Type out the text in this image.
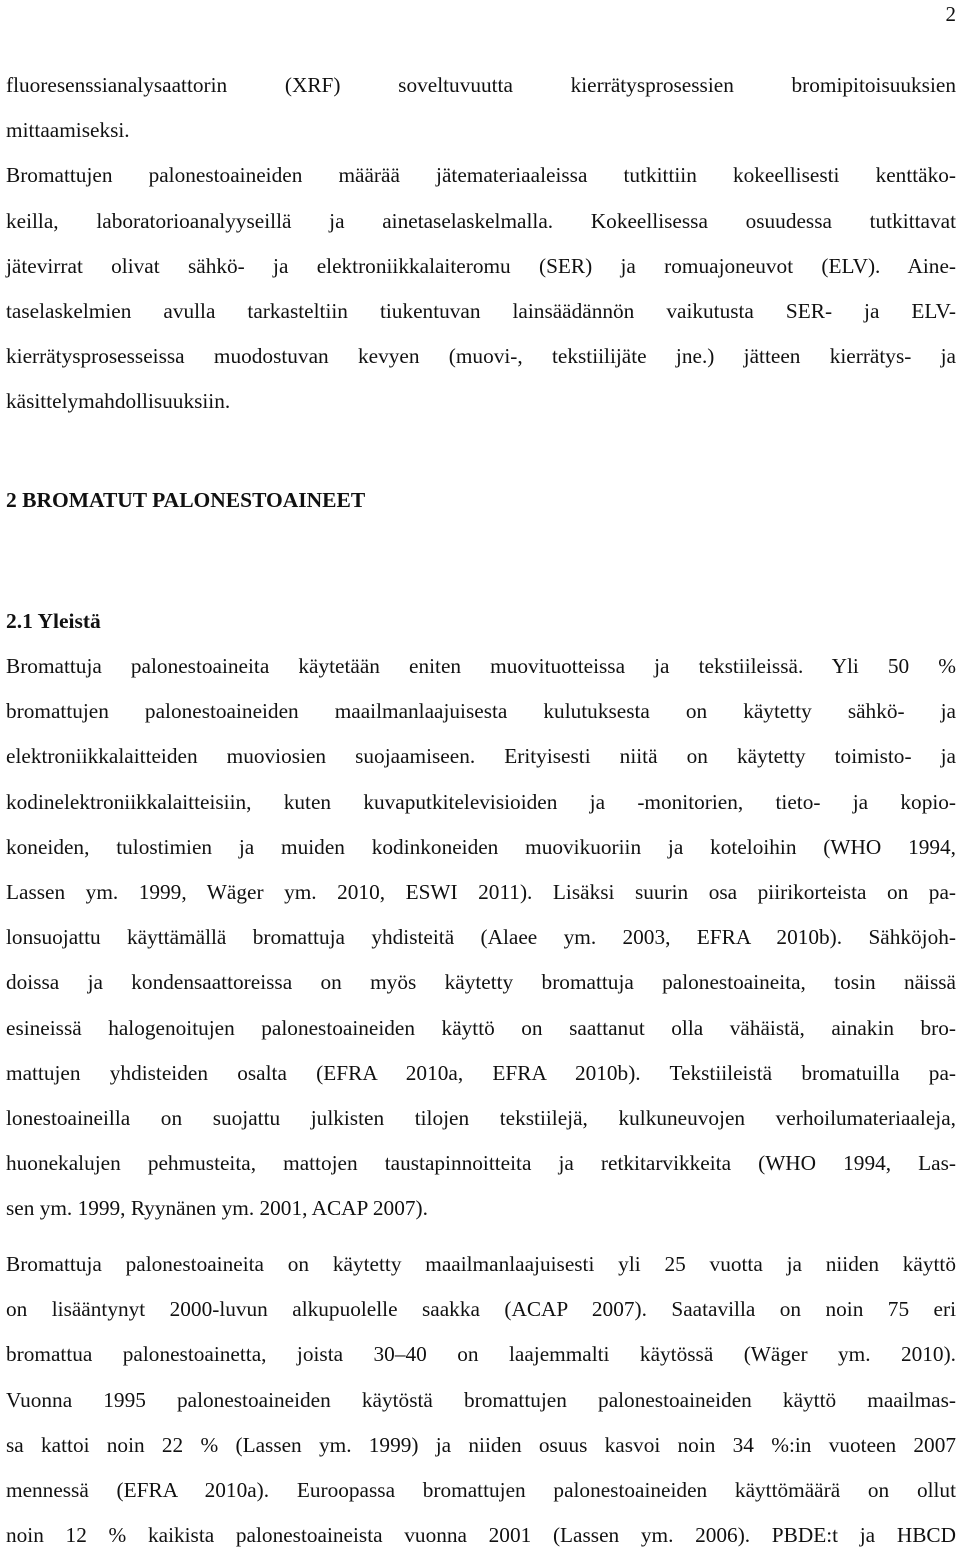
2
fluoresenssianalysaattorin (XRF) soveltuvuutta kierrätysprosessien bromipitoisuuksien
mittaamiseksi.
Bromattujen palonestoaineiden määrää jätemateriaaleissa tutkittiin kokeellisesti kenttäko-
keilla, laboratorioanalyyseillä ja ainetaselaskelmalla. Kokeellisessa osuudessa tutkittavat
jätevirrat olivat sähkö- ja elektroniikkalaiteromu (SER) ja romuajoneuvot (ELV). Aine-
taselaskelmien avulla tarkasteltiin tiukentuvan lainsäädännön vaikutusta SER- ja ELV-
kierrätysprosesseissa muodostuvan kevyen (muovi-, tekstiilijäte jne.) jätteen kierrätys- ja
käsittelymahdollisuuksiin.
2 BROMATUT PALONESTOAINEET
2.1 Yleistä
Bromattuja palonestoaineita käytetään eniten muovituotteissa ja tekstiileissä. Yli 50 %
bromattujen palonestoaineiden maailmanlaajuisesta kulutuksesta on käytetty sähkö- ja
elektroniikkalaitteiden muoviosien suojaamiseen. Erityisesti niitä on käytetty toimisto- ja
kodinelektroniikkalaitteisiin, kuten kuvaputkitelevisioiden ja -monitorien, tieto- ja kopio-
koneiden, tulostimien ja muiden kodinkoneiden muovikuoriin ja koteloihin (WHO 1994,
Lassen ym. 1999, Wäger ym. 2010, ESWI 2011). Lisäksi suurin osa piirikorteista on pa-
lonsuojattu käyttämällä bromattuja yhdisteitä (Alaee ym. 2003, EFRA 2010b). Sähköjoh-
doissa ja kondensaattoreissa on myös käytetty bromattuja palonestoaineita, tosin näissä
esineissä halogenoitujen palonestoaineiden käyttö on saattanut olla vähäistä, ainakin bro-
mattujen yhdisteiden osalta (EFRA 2010a, EFRA 2010b). Tekstiileistä bromatuilla pa-
lonestoaineilla on suojattu julkisten tilojen tekstiilejä, kulkuneuvojen verhoilumateriaaleja,
huonekalujen pehmusteita, mattojen taustapinnoitteita ja retkitarvikkeita (WHO 1994, Las-
sen ym. 1999, Ryynänen ym. 2001, ACAP 2007).
Bromattuja palonestoaineita on käytetty maailmanlaajuisesti yli 25 vuotta ja niiden käyttö
on lisääntynyt 2000-luvun alkupuolelle saakka (ACAP 2007). Saatavilla on noin 75 eri
bromattua palonestoainetta, joista 30–40 on laajemmalti käytössä (Wäger ym. 2010).
Vuonna 1995 palonestoaineiden käytöstä bromattujen palonestoaineiden käyttö maailmas-
sa kattoi noin 22 % (Lassen ym. 1999) ja niiden osuus kasvoi noin 34 %:in vuoteen 2007
mennessä (EFRA 2010a). Euroopassa bromattujen palonestoaineiden käyttömäärä on ollut
noin 12 % kaikista palonestoaineista vuonna 2001 (Lassen ym. 2006). PBDE:t ja HBCD
